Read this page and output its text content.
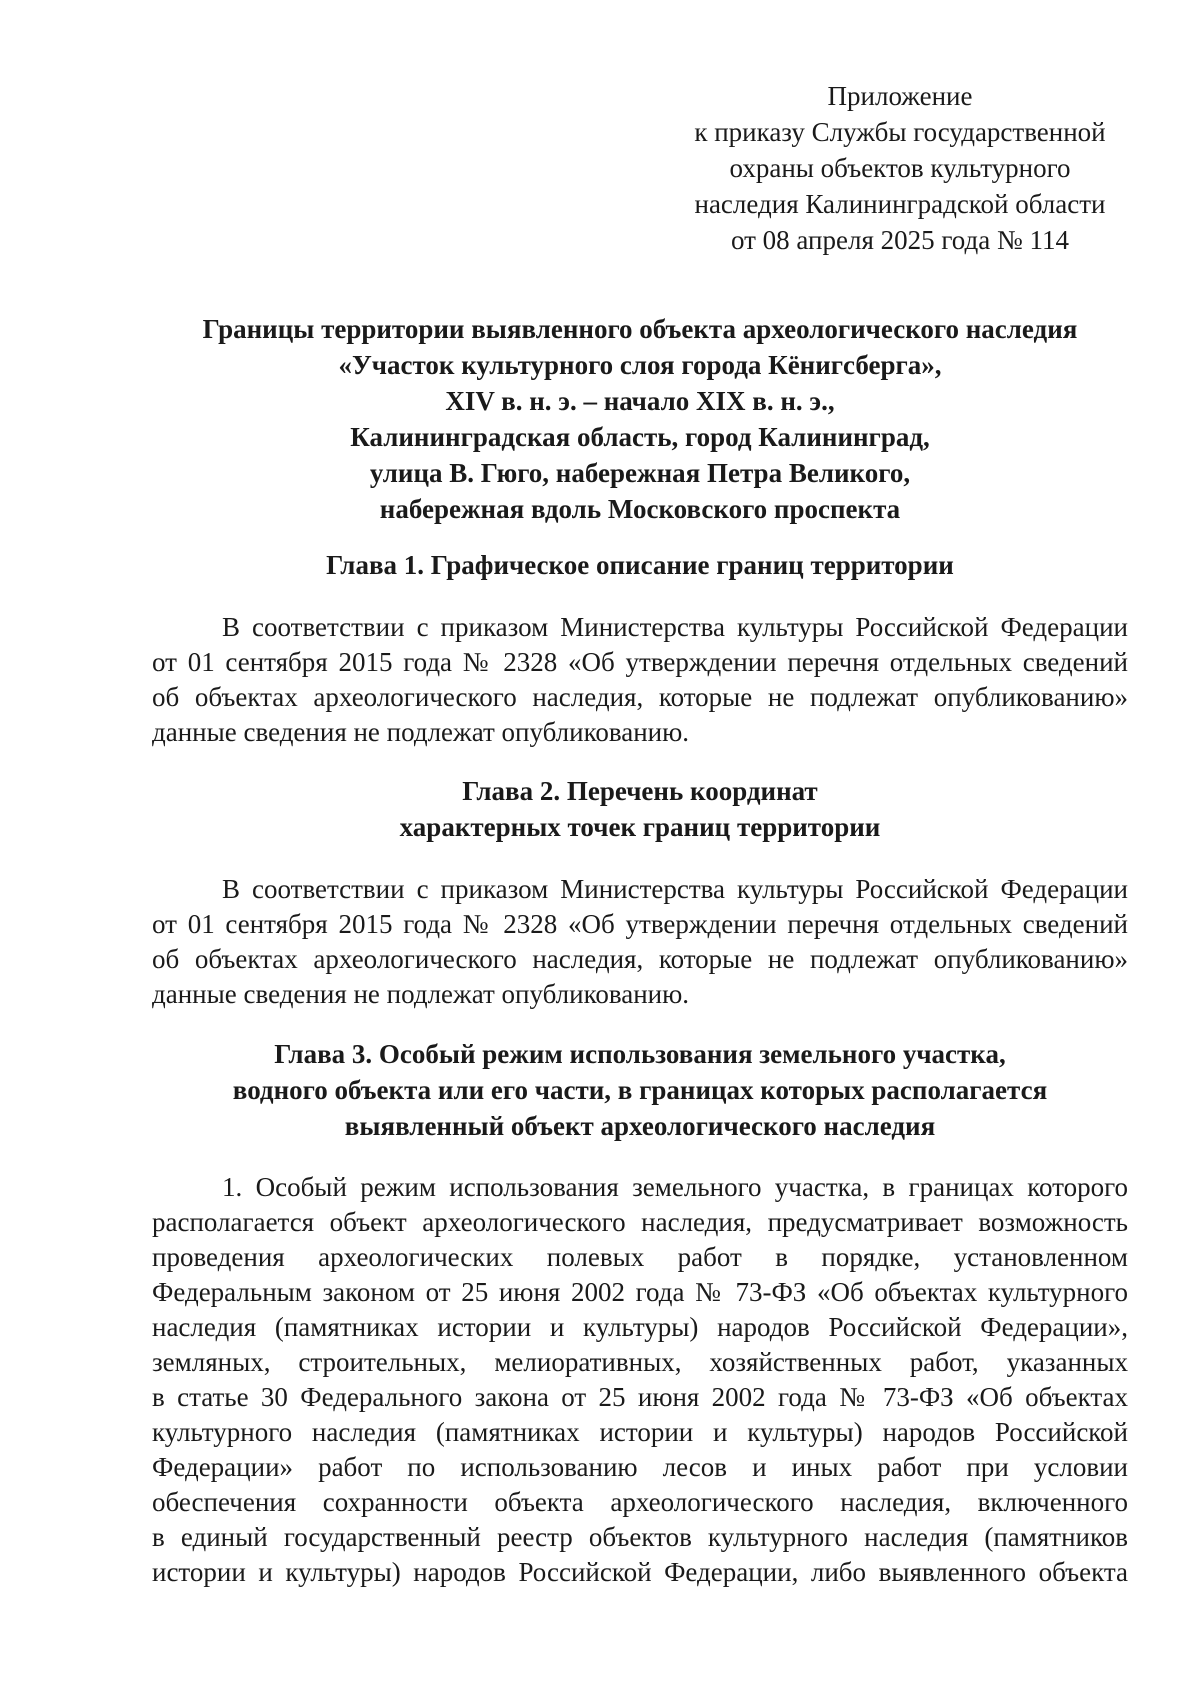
Приложение
к приказу Службы государственной
охраны объектов культурного
наследия Калининградской области
от 08 апреля 2025 года № 114
Границы территории выявленного объекта археологического наследия
«Участок культурного слоя города Кёнигсберга»,
XIV в. н. э. – начало XIX в. н. э.,
Калининградская область, город Калининград,
улица В. Гюго, набережная Петра Великого,
набережная вдоль Московского проспекта
Глава 1. Графическое описание границ территории
В соответствии с приказом Министерства культуры Российской Федерации
от 01 сентября 2015 года № 2328 «Об утверждении перечня отдельных сведений
об объектах археологического наследия, которые не подлежат опубликованию»
данные сведения не подлежат опубликованию.
Глава 2. Перечень координат
характерных точек границ территории
В соответствии с приказом Министерства культуры Российской Федерации
от 01 сентября 2015 года № 2328 «Об утверждении перечня отдельных сведений
об объектах археологического наследия, которые не подлежат опубликованию»
данные сведения не подлежат опубликованию.
Глава 3. Особый режим использования земельного участка,
водного объекта или его части, в границах которых располагается
выявленный объект археологического наследия
1. Особый режим использования земельного участка, в границах которого
располагается объект археологического наследия, предусматривает возможность
проведения археологических полевых работ в порядке, установленном
Федеральным законом от 25 июня 2002 года № 73-ФЗ «Об объектах культурного
наследия (памятниках истории и культуры) народов Российской Федерации»,
земляных, строительных, мелиоративных, хозяйственных работ, указанных
в статье 30 Федерального закона от 25 июня 2002 года № 73-ФЗ «Об объектах
культурного наследия (памятниках истории и культуры) народов Российской
Федерации» работ по использованию лесов и иных работ при условии
обеспечения сохранности объекта археологического наследия, включенного
в единый государственный реестр объектов культурного наследия (памятников
истории и культуры) народов Российской Федерации, либо выявленного объекта
